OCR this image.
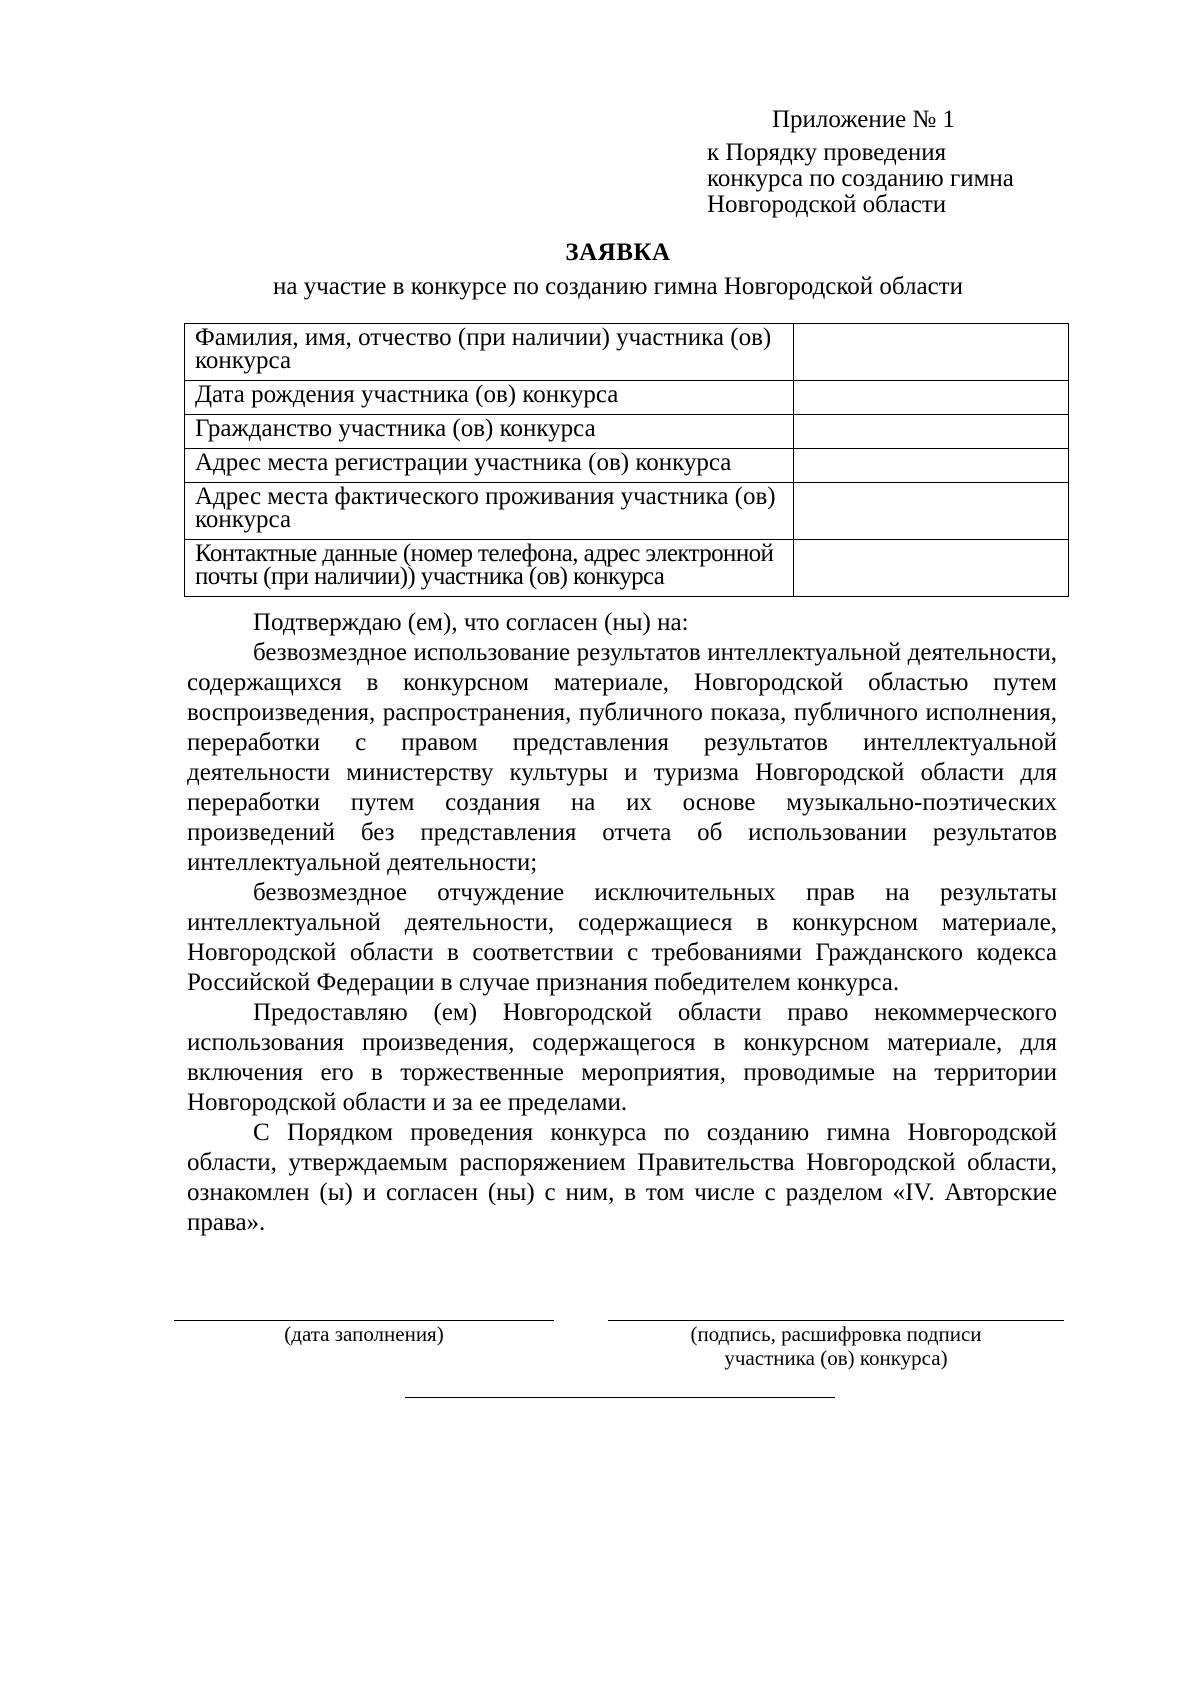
Приложение № 1
к Порядку проведения
конкурса по созданию гимна
Новгородской области
ЗАЯВКА
на участие в конкурсе по созданию гимна Новгородской области
Фамилия, имя, отчество (при наличии) участника (ов) конкурса	
Дата рождения участника (ов) конкурса	
Гражданство участника (ов) конкурса	
Адрес места регистрации участника (ов) конкурса	
Адрес места фактического проживания участника (ов) конкурса	
Контактные данные (номер телефона, адрес электронной почты (при наличии)) участника (ов) конкурса	

Подтверждаю (ем), что согласен (ны) на:

безвозмездное использование результатов интеллектуальной деятельности, содержащихся в конкурсном материале, Новгородской областью путем воспроизведения, распространения, публичного показа, публичного исполнения, переработки с правом представления результатов интеллектуальной деятельности министерству культуры и туризма Новгородской области для переработки путем создания на их основе музыкально-поэтических произведений без представления отчета об использовании результатов интеллектуальной деятельности;

безвозмездное отчуждение исключительных прав на результаты интеллектуальной деятельности, содержащиеся в конкурсном материале, Новгородской области в соответствии с требованиями Гражданского кодекса Российской Федерации в случае признания победителем конкурса.

Предоставляю (ем) Новгородской области право некоммерческого использования произведения, содержащегося в конкурсном материале, для включения его в торжественные мероприятия, проводимые на территории Новгородской области и за ее пределами.

С Порядком проведения конкурса по созданию гимна Новгородской области, утверждаемым распоряжением Правительства Новгородской области, ознакомлен (ы) и согласен (ны) с ним, в том числе с разделом «IV. Авторские права».

(дата заполнения)	(подпись, расшифровка подписи
участника (ов) конкурса)
